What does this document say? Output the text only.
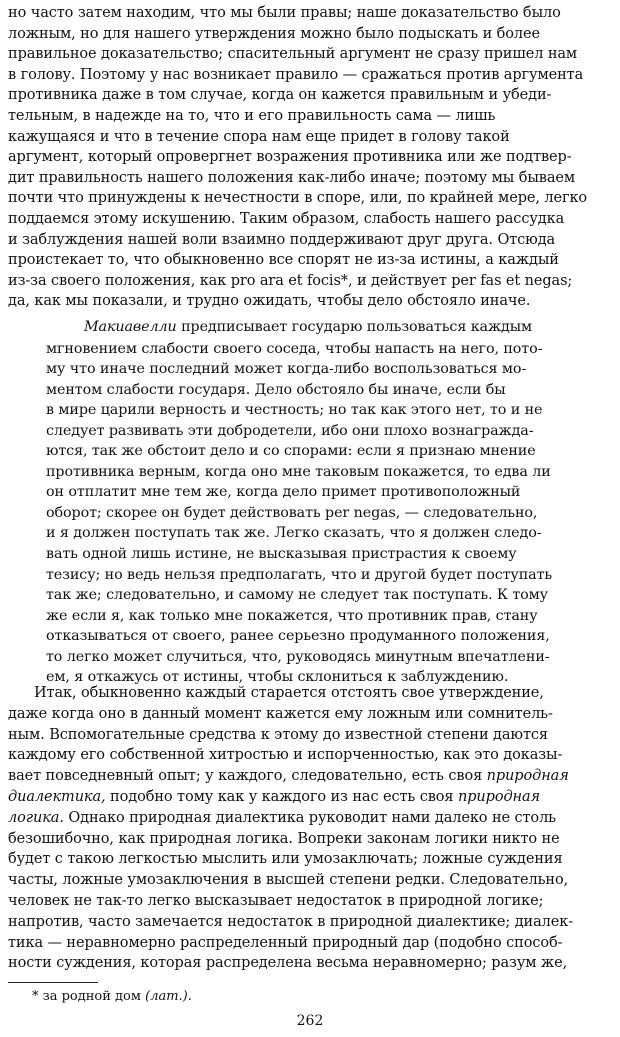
но часто затем находим, что мы были правы; наше доказательство было
ложным, но для нашего утверждения можно было подыскать и более
правильное доказательство; спасительный аргумент не сразу пришел нам
в голову. Поэтому у нас возникает правило — сражаться против аргумента
противника даже в том случае, когда он кажется правильным и убеди-
тельным, в надежде на то, что и его правильность сама — лишь
кажущаяся и что в течение спора нам еще придет в голову такой
аргумент, который опровергнет возражения противника или же подтвер-
дит правильность нашего положения как-либо иначе; поэтому мы бываем
почти что принуждены к нечестности в споре, или, по крайней мере, легко
поддаемся этому искушению. Таким образом, слабость нашего рассудка
и заблуждения нашей воли взаимно поддерживают друг друга. Отсюда
проистекает то, что обыкновенно все спорят не из-за истины, а каждый
из-за своего положения, как pro ara et focis*, и действует per fas et negas;
да, как мы показали, и трудно ожидать, чтобы дело обстояло иначе.
Макиавелли предписывает государю пользоваться каждым
мгновением слабости своего соседа, чтобы напасть на него, пото-
му что иначе последний может когда-либо воспользоваться мо-
ментом слабости государя. Дело обстояло бы иначе, если бы
в мире царили верность и честность; но так как этого нет, то и не
следует развивать эти добродетели, ибо они плохо вознагражда-
ются, так же обстоит дело и со спорами: если я признаю мнение
противника верным, когда оно мне таковым покажется, то едва ли
он отплатит мне тем же, когда дело примет противоположный
оборот; скорее он будет действовать per negas, — следовательно,
и я должен поступать так же. Легко сказать, что я должен следо-
вать одной лишь истине, не высказывая пристрастия к своему
тезису; но ведь нельзя предполагать, что и другой будет поступать
так же; следовательно, и самому не следует так поступать. К тому
же если я, как только мне покажется, что противник прав, стану
отказываться от своего, ранее серьезно продуманного положения,
то легко может случиться, что, руководясь минутным впечатлени-
ем, я откажусь от истины, чтобы склониться к заблуждению.
вает повседневный опыт; у каждого, следовательно, есть своя природная
диалектика, подобно тому как у каждого из нас есть своя природная
логика. Однако природная диалектика руководит нами далеко не столь
Итак, обыкновенно каждый старается отстоять свое утверждение,
даже когда оно в данный момент кажется ему ложным или сомнитель-
ным. Вспомогательные средства к этому до известной степени даются
каждому его собственной хитростью и испорченностью, как это доказы-
безошибочно, как природная логика. Вопреки законам логики никто не
будет с такою легкостью мыслить или умозаключать; ложные суждения
часты, ложные умозаключения в высшей степени редки. Следовательно,
человек не так-то легко высказывает недостаток в природной логике;
напротив, часто замечается недостаток в природной диалектике; диалек-
тика — неравномерно распределенный природный дар (подобно способ-
ности суждения, которая распределена весьма неравномерно; разум же,
* за родной дом (лат.).
262
